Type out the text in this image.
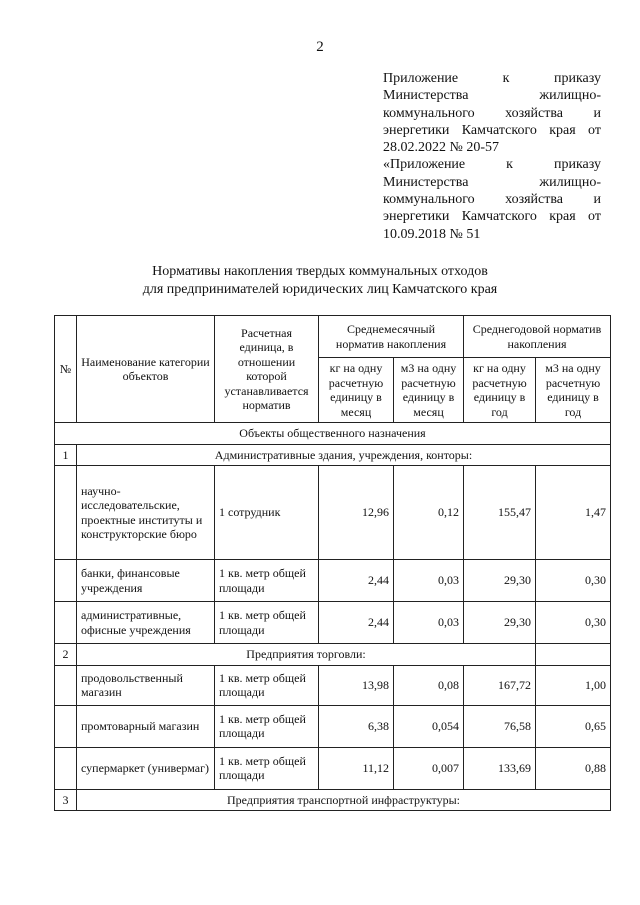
2
Приложение к приказу
Министерства жилищно-
коммунального хозяйства и
энергетики Камчатского края от
28.02.2022 № 20-57
«Приложение к приказу
Министерства жилищно-
коммунального хозяйства и
энергетики Камчатского края от
10.09.2018 № 51
Нормативы накопления твердых коммунальных отходов
для предпринимателей юридических лиц Камчатского края
№	Наименование категории объектов	Расчетная единица, в отношении которой устанавливается норматив	Среднемесячный норматив накопления		Среднегодовой норматив накопления	
			кг на одну расчетную единицу в месяц	м3 на одну расчетную единицу в месяц	кг на одну расчетную единицу в год	м3 на одну расчетную единицу в год
Объекты общественного назначения						
1	Административные здания, учреждения, конторы:					
	научно-исследовательские, проектные институты и конструкторские бюро	1 сотрудник	12,96	0,12	155,47	1,47
	банки, финансовые учреждения	1 кв. метр общей площади	2,44	0,03	29,30	0,30
	административные, офисные учреждения	1 кв. метр общей площади	2,44	0,03	29,30	0,30
2	Предприятия торговли:					
	продовольственный магазин	1 кв. метр общей площади	13,98	0,08	167,72	1,00
	промтоварный магазин	1 кв. метр общей площади	6,38	0,054	76,58	0,65
	супермаркет (универмаг)	1 кв. метр общей площади	11,12	0,007	133,69	0,88
3	Предприятия транспортной инфраструктуры:					
